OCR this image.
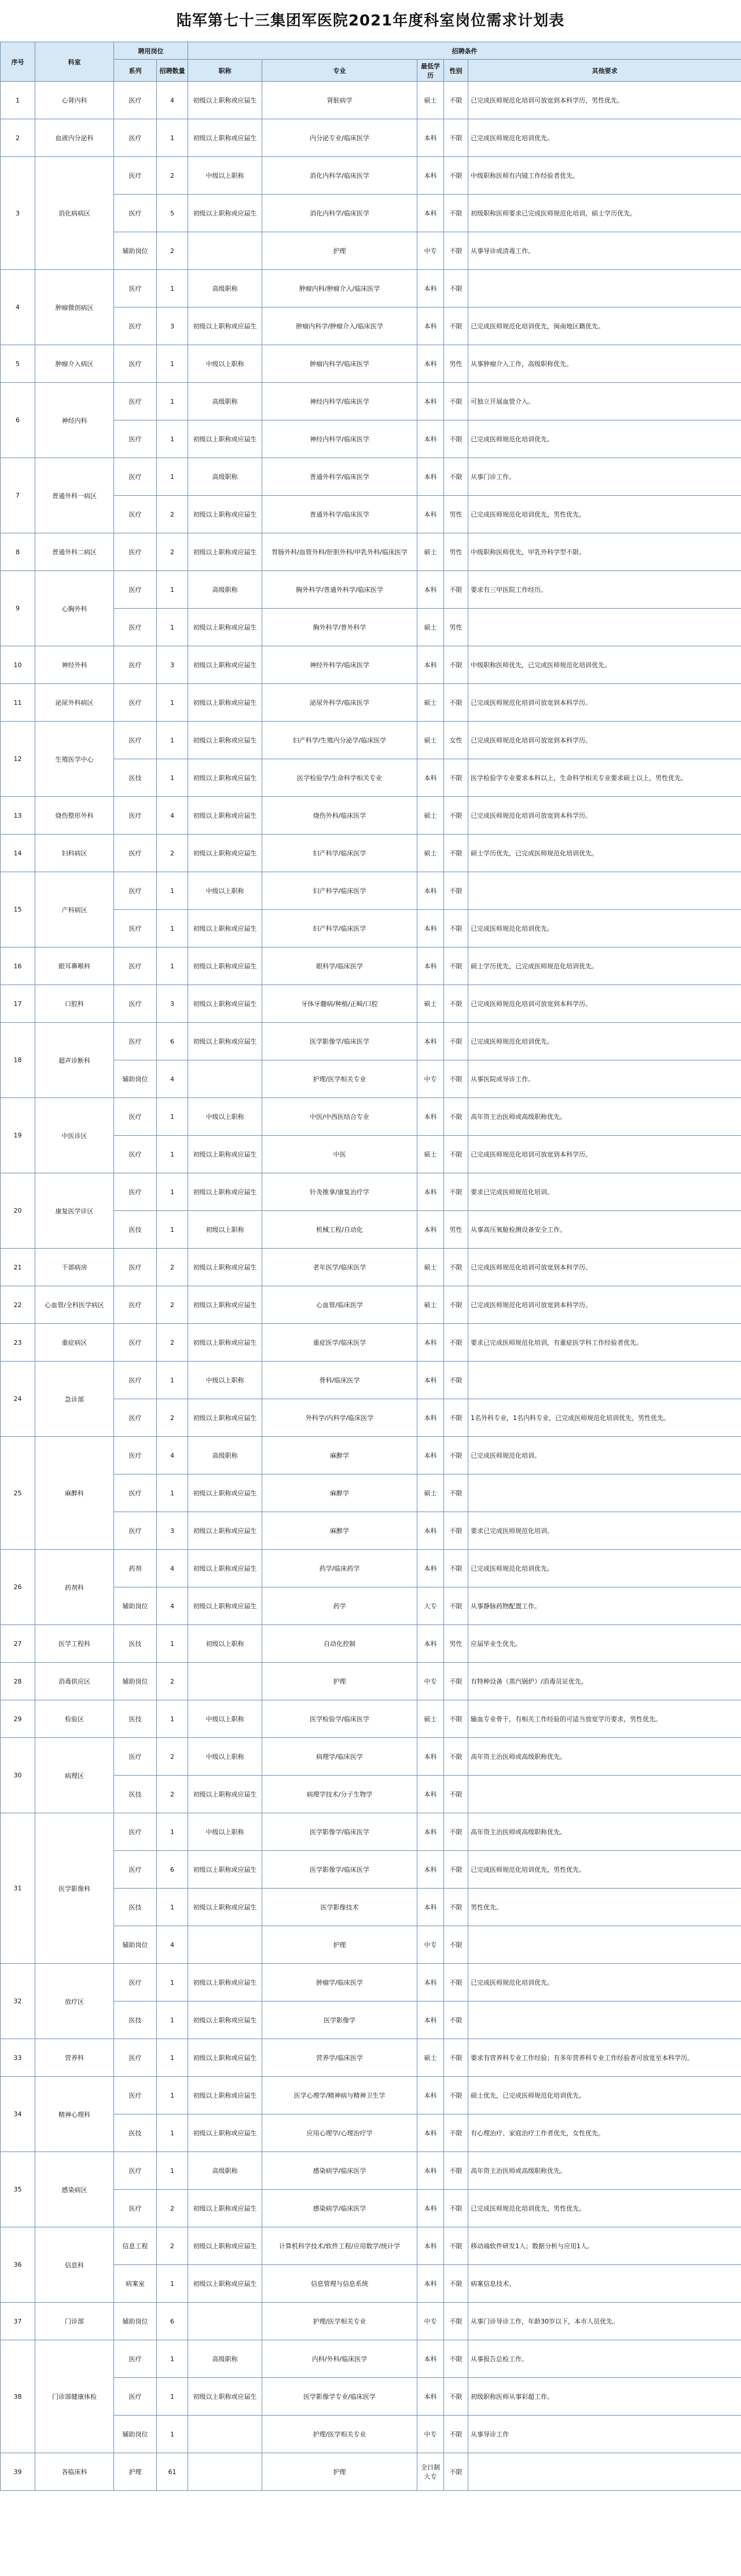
陆军第七十三集团军医院2021年度科室岗位需求计划表
序号	科室	聘用岗位		招聘条件				
		系列	招聘数量	职称	专业	最低学历	性别	其他要求
1	心肾内科	医疗	4	初级以上职称或应届生	肾脏病学	硕士	不限	已完成医师规范化培训可放宽到本科学历，男性优先。
2	血液内分泌科	医疗	1	初级以上职称或应届生	内分泌专业/临床医学	本科	不限	已完成医师规范化培训优先。
3	消化病病区	医疗	2	中级以上职称	消化内科学/临床医学	本科	不限	中级职称医师有内镜工作经验者优先。
		医疗	5	初级以上职称或应届生	消化内科学/临床医学	本科	不限	初级职称医师要求已完成医师规范化培训，硕士学历优先。
		辅助岗位	2		护理	中专	不限	从事导诊或清毒工作。
4	肿瘤微创病区	医疗	1	高级职称	肿瘤内科/肿瘤介入/临床医学	本科	不限	
		医疗	3	初级以上职称或应届生	肿瘤内科学/肿瘤介入/临床医学	本科	不限	已完成医师规范化培训优先，闽南地区籍优先。
5	肿瘤介入病区	医疗	1	中级以上职称	肿瘤内科学/临床医学	本科	男性	从事肿瘤介入工作，高级职称优先。
6	神经内科	医疗	1	高级职称	神经内科学/临床医学	本科	不限	可独立开展血管介入。
		医疗	1	初级以上职称或应届生	神经内科学/临床医学	本科	不限	已完成医师规范化培训优先。
7	普通外科一病区	医疗	1	高级职称	普通外科学/临床医学	本科	不限	从事门诊工作。
		医疗	2	初级以上职称或应届生	普通外科学/临床医学	本科	男性	已完成医师规范化培训优先，男性优先。
8	普通外科二病区	医疗	2	初级以上职称或应届生	胃肠外科/血管外科/肝胆外科/甲乳外科/临床医学	硕士	男性	中级职称医师优先，甲乳外科学型不限。
9	心胸外科	医疗	1	高级职称	胸外科学/普通外科学/临床医学	本科	不限	要求有三甲医院工作经历。
		医疗	1	初级以上职称或应届生	胸外科学/普外科学	硕士	男性	
10	神经外科	医疗	3	初级以上职称或应届生	神经外科学/临床医学	本科	不限	中级职称医师优先，已完成医师规范化培训优先。
11	泌尿外科病区	医疗	1	初级以上职称或应届生	泌尿外科学/临床医学	硕士	不限	已完成医师规范化培训可放宽到本科学历。
12	生殖医学中心	医疗	1	初级以上职称或应届生	妇产科学/生殖内分泌学/临床医学	硕士	女性	已完成医师规范化培训可放宽到本科学历。
		医技	1	初级以上职称或应届生	医学检验学/生命科学相关专业	本科	不限	医学检验学专业要求本科以上，生命科学相关专业要求硕士以上，男性优先。
13	烧伤整形外科	医疗	4	初级以上职称或应届生	烧伤外科/临床医学	硕士	不限	已完成医师规范化培训可放宽到本科学历。
14	妇科病区	医疗	2	初级以上职称或应届生	妇产科学/临床医学	硕士	不限	硕士学历优先，已完成医师规范化培训优先。
15	产科病区	医疗	1	中级以上职称	妇产科学/临床医学	本科	不限	
		医疗	1	初级以上职称或应届生	妇产科学/临床医学	本科	不限	已完成医师规范化培训优先。
16	眼耳鼻喉科	医疗	1	初级以上职称或应届生	眼科学/临床医学	本科	不限	硕士学历优先，已完成医师规范化培训优先。
17	口腔科	医疗	3	初级以上职称或应届生	牙体牙髓病/种植/正畸/口腔	硕士	不限	已完成医师规范化培训可放宽到本科学历。
18	超声诊断科	医疗	6	初级以上职称或应届生	医学影像学/临床医学	本科	不限	已完成医师规范化培训优先。
		辅助岗位	4		护理/医学相关专业	中专	不限	从事医院或导诊工作。
19	中医诊区	医疗	1	中级以上职称	中医/中西医结合专业	本科	不限	高年资主治医师或高级职称优先。
		医疗	1	初级以上职称或应届生	中医	硕士	不限	已完成医师规范化培训可放宽到本科学历。
20	康复医学诊区	医疗	1	初级以上职称或应届生	针灸推拿/康复治疗学	本科	不限	要求已完成医师规范化培训。
		医技	1	初级以上职称	机械工程/自动化	本科	男性	从事高压氧舱检测设备安全工作。
21	干部病房	医疗	2	初级以上职称或应届生	老年医学/临床医学	硕士	不限	已完成医师规范化培训可放宽到本科学历。
22	心血管/全科医学病区	医疗	2	初级以上职称或应届生	心血管/临床医学	硕士	不限	已完成医师规范化培训可放宽到本科学历。
23	重症病区	医疗	2	初级以上职称或应届生	重症医学/临床医学	本科	不限	要求已完成医师规范化培训，有重症医学科工作经验者优先。
24	急诊部	医疗	1	中级以上职称	骨科/临床医学	本科	不限	
		医疗	2	初级以上职称或应届生	外科学/内科学/临床医学	本科	不限	1名外科专业，1名内科专业，已完成医师规范化培训优先，男性优先。
25	麻醉科	医疗	4	高级职称	麻醉学	本科	不限	已完成医师规范化培训。
		医疗	1	初级以上职称或应届生	麻醉学	硕士	不限	
		医疗	3	初级以上职称或应届生	麻醉学	本科	不限	要求已完成医师规范化培训。
26	药剂科	药剂	4	初级以上职称或应届生	药学/临床药学	本科	不限	已完成医师规范化培训优先。
		辅助岗位	4	初级以上职称或应届生	药学	大专	不限	从事静脉药物配置工作。
27	医学工程科	医技	1	初级以上职称	自动化控制	本科	男性	应届毕业生优先。
28	消毒供应区	辅助岗位	2		护理	中专	不限	有特种设备（蒸汽锅炉）/消毒员证优先。
29	检验区	医技	1	中级以上职称	医学检验学/临床医学	硕士	不限	输血专业骨干，有相关工作经验的可适当放宽学历要求，男性优先。
30	病理区	医疗	2	中级以上职称	病理学/临床医学	本科	不限	高年资主治医师或高级职称优先。
		医技	2	初级以上职称或应届生	病理学技术/分子生物学	本科	不限	
31	医学影像科	医疗	1	中级以上职称	医学影像学/临床医学	本科	不限	高年资主治医师或高级职称优先。
		医疗	6	初级以上职称或应届生	医学影像学/临床医学	本科	不限	已完成医师规范化培训优先，男性优先。
		医技	1	初级以上职称或应届生	医学影像技术	本科	不限	男性优先。
		辅助岗位	4		护理	中专	不限	
32	放疗区	医疗	1	初级以上职称或应届生	肿瘤学/临床医学	本科	不限	已完成医师规范化培训优先。
		医技	1	初级以上职称或应届生	医学影像学	本科	不限	
33	营养科	医疗	1	初级以上职称或应届生	营养学/临床医学	硕士	不限	要求有营养科专业工作经验；有多年营养科专业工作经验者可放宽至本科学历。
34	精神心理科	医疗	1	初级以上职称或应届生	医学心理学/精神病与精神卫生学	本科	不限	硕士优先，已完成医师规范化培训优先。
		医技	1	初级以上职称或应届生	应用心理学/心理治疗学	本科	不限	有心理治疗、家庭治疗工作者优先，女性优先。
35	感染病区	医疗	1	高级职称	感染病学/临床医学	本科	不限	高年资主治医师或高级职称优先。
		医疗	2	初级以上职称或应届生	感染病学/临床医学	本科	不限	已完成医师规范化培训优先，男性优先。
36	信息科	信息工程	2	初级以上职称或应届生	计算机科学技术/软件工程/应用数学/统计学	本科	不限	移动端软件研发1人；数据分析与应用1人。
		病案室	1	初级以上职称或应届生	信息管理与信息系统	本科	不限	病案信息技术。
37	门诊部	辅助岗位	6		护理/医学相关专业	中专	不限	从事门诊导诊工作，年龄30岁以下，本市人员优先。
38	门诊部健康体检	医疗	1	高级职称	内科/外科/临床医学	本科	不限	从事报告总检工作。
		医疗	1	初级以上职称或应届生	医学影像学专业/临床医学	本科	不限	初级职称医师从事彩超工作。
		辅助岗位	1		护理/医学相关专业	中专	不限	从事导诊工作
39	各临床科	护理	61		护理	全日制大专	不限	
